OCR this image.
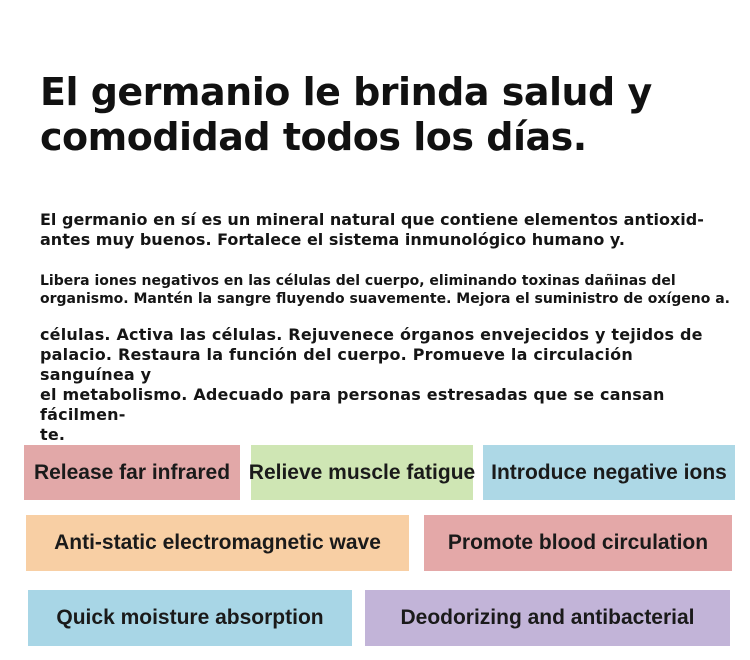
El germanio le brinda salud y
comodidad todos los días.

El germanio en sí es un mineral natural que contiene elementos antioxid-
antes muy buenos. Fortalece el sistema inmunológico humano y.

Libera iones negativos en las células del cuerpo, eliminando toxinas dañinas del
organismo. Mantén la sangre fluyendo suavemente. Mejora el suministro de oxígeno a.

células. Activa las células. Rejuvenece órganos envejecidos y tejidos de
palacio. Restaura la función del cuerpo. Promueve la circulación sanguínea y
el metabolismo. Adecuado para personas estresadas que se cansan fácilmen-
te.

Release far infrared Relieve muscle fatigue Introduce negative ions
Anti-static electromagnetic wave	Promote blood circulation
Quick moisture absorption	Deodorizing and antibacterial
